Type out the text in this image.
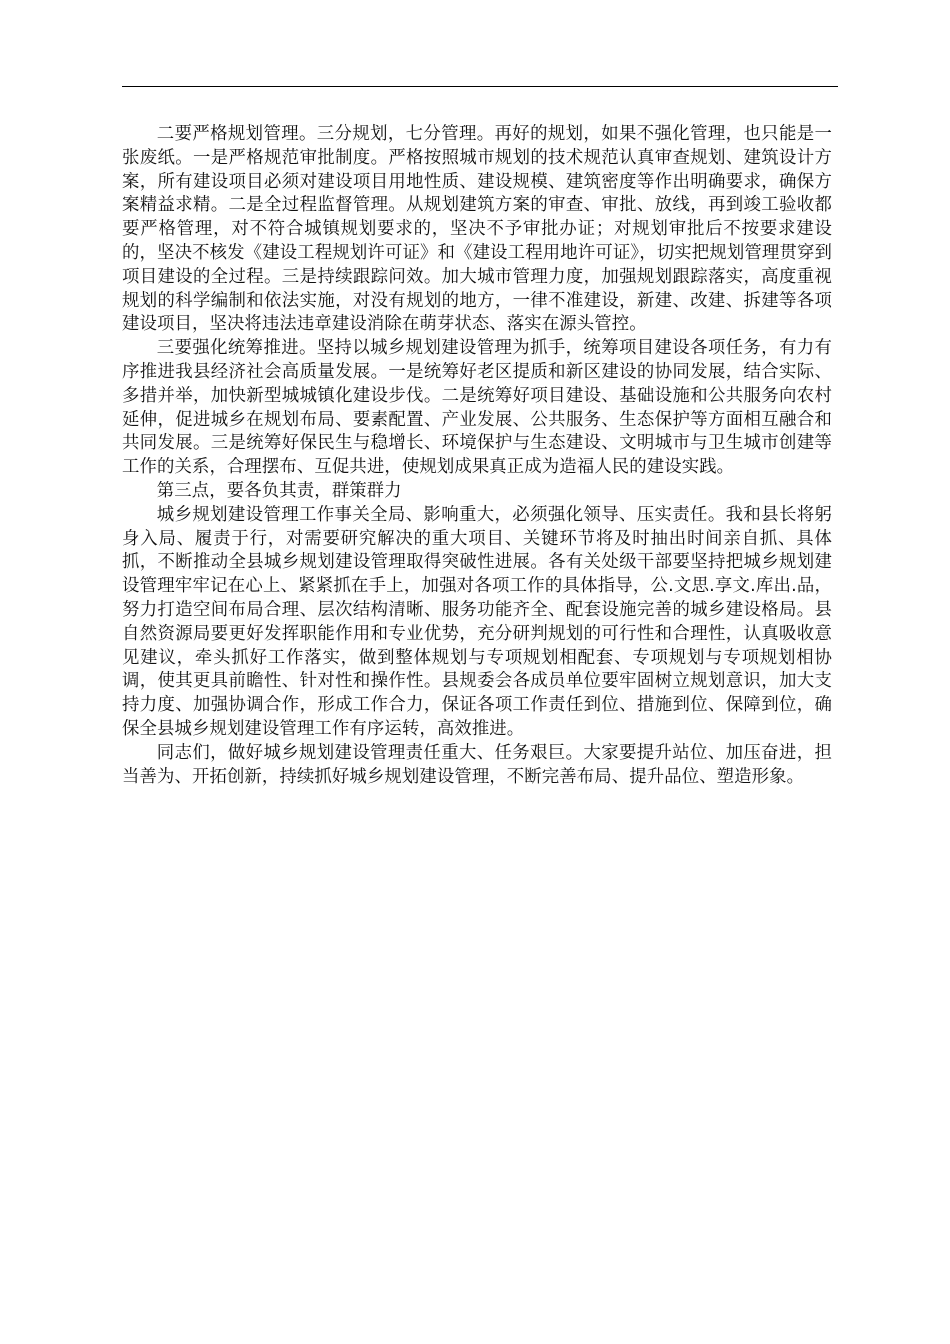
二要严格规划管理。三分规划，七分管理。再好的规划，如果不强化管理，也只能是一张废纸。一是严格规范审批制度。严格按照城市规划的技术规范认真审查规划、建筑设计方案，所有建设项目必须对建设项目用地性质、建设规模、建筑密度等作出明确要求，确保方案精益求精。二是全过程监督管理。从规划建筑方案的审查、审批、放线，再到竣工验收都要严格管理，对不符合城镇规划要求的，坚决不予审批办证；对规划审批后不按要求建设的，坚决不核发《建设工程规划许可证》和《建设工程用地许可证》，切实把规划管理贯穿到项目建设的全过程。三是持续跟踪问效。加大城市管理力度，加强规划跟踪落实，高度重视规划的科学编制和依法实施，对没有规划的地方，一律不准建设，新建、改建、拆建等各项建设项目，坚决将违法违章建设消除在萌芽状态、落实在源头管控。

三要强化统筹推进。坚持以城乡规划建设管理为抓手，统筹项目建设各项任务，有力有序推进我县经济社会高质量发展。一是统筹好老区提质和新区建设的协同发展，结合实际、多措并举，加快新型城城镇化建设步伐。二是统筹好项目建设、基础设施和公共服务向农村延伸，促进城乡在规划布局、要素配置、产业发展、公共服务、生态保护等方面相互融合和共同发展。三是统筹好保民生与稳增长、环境保护与生态建设、文明城市与卫生城市创建等工作的关系，合理摆布、互促共进，使规划成果真正成为造福人民的建设实践。

第三点，要各负其责，群策群力

城乡规划建设管理工作事关全局、影响重大，必须强化领导、压实责任。我和县长将躬身入局、履责于行，对需要研究解决的重大项目、关键环节将及时抽出时间亲自抓、具体抓，不断推动全县城乡规划建设管理取得突破性进展。各有关处级干部要坚持把城乡规划建设管理牢牢记在心上、紧紧抓在手上，加强对各项工作的具体指导，公.文思.享文.库出.品，努力打造空间布局合理、层次结构清晰、服务功能齐全、配套设施完善的城乡建设格局。县自然资源局要更好发挥职能作用和专业优势，充分研判规划的可行性和合理性，认真吸收意见建议，牵头抓好工作落实，做到整体规划与专项规划相配套、专项规划与专项规划相协调，使其更具前瞻性、针对性和操作性。县规委会各成员单位要牢固树立规划意识，加大支持力度、加强协调合作，形成工作合力，保证各项工作责任到位、措施到位、保障到位，确保全县城乡规划建设管理工作有序运转，高效推进。

同志们，做好城乡规划建设管理责任重大、任务艰巨。大家要提升站位、加压奋进，担当善为、开拓创新，持续抓好城乡规划建设管理，不断完善布局、提升品位、塑造形象。
